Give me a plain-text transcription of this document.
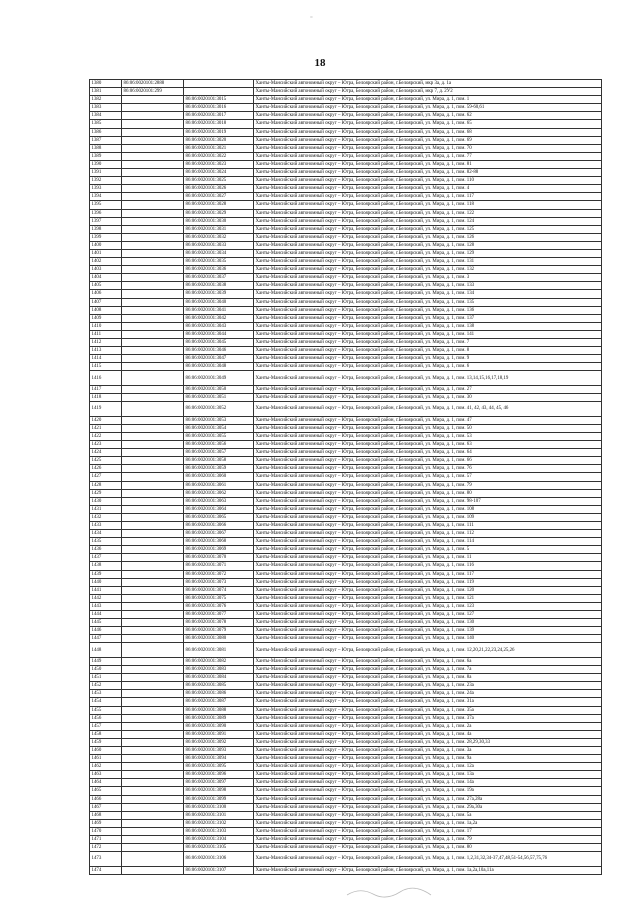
=
18
1380	86:06:0020101:2888		Ханты-Мансийский автономный округ – Югра, Белоярский район, г.Белоярский, мкр 3а, д. 1а
1381	86:06:0020101:299		Ханты-Мансийский автономный округ – Югра, Белоярский район, г.Белоярский, мкр 7, д. 2У2
1382		86:06:0020101:3015	Ханты-Мансийский автономный округ – Югра, Белоярский район, г.Белоярский, ул. Мира, д. 1, пом. 1
1383		86:06:0020101:3016	Ханты-Мансийский автономный округ – Югра, Белоярский район, г.Белоярский, ул. Мира, д. 1, пом. 59-60,61
1384		86:06:0020101:3017	Ханты-Мансийский автономный округ – Югра, Белоярский район, г.Белоярский, ул. Мира, д. 1, пом. 62
1385		86:06:0020101:3018	Ханты-Мансийский автономный округ – Югра, Белоярский район, г.Белоярский, ул. Мира, д. 1, пом. 65
1386		86:06:0020101:3019	Ханты-Мансийский автономный округ – Югра, Белоярский район, г.Белоярский, ул. Мира, д. 1, пом. 68
1387		86:06:0020101:3020	Ханты-Мансийский автономный округ – Югра, Белоярский район, г.Белоярский, ул. Мира, д. 1, пом. 69
1388		86:06:0020101:3021	Ханты-Мансийский автономный округ – Югра, Белоярский район, г.Белоярский, ул. Мира, д. 1, пом. 70
1389		86:06:0020101:3022	Ханты-Мансийский автономный округ – Югра, Белоярский район, г.Белоярский, ул. Мира, д. 1, пом. 77
1390		86:06:0020101:3023	Ханты-Мансийский автономный округ – Югра, Белоярский район, г.Белоярский, ул. Мира, д. 1, пом. 81
1391		86:06:0020101:3024	Ханты-Мансийский автономный округ – Югра, Белоярский район, г.Белоярский, ул. Мира, д. 1, пом. 82-88
1392		86:06:0020101:3025	Ханты-Мансийский автономный округ – Югра, Белоярский район, г.Белоярский, ул. Мира, д. 1, пом. 110
1393		86:06:0020101:3026	Ханты-Мансийский автономный округ – Югра, Белоярский район, г.Белоярский, ул. Мира, д. 1, пом. 4
1394		86:06:0020101:3027	Ханты-Мансийский автономный округ – Югра, Белоярский район, г.Белоярский, ул. Мира, д. 1, пом. 117
1395		86:06:0020101:3028	Ханты-Мансийский автономный округ – Югра, Белоярский район, г.Белоярский, ул. Мира, д. 1, пом. 118
1396		86:06:0020101:3029	Ханты-Мансийский автономный округ – Югра, Белоярский район, г.Белоярский, ул. Мира, д. 1, пом. 122
1397		86:06:0020101:3030	Ханты-Мансийский автономный округ – Югра, Белоярский район, г.Белоярский, ул. Мира, д. 1, пом. 124
1398		86:06:0020101:3031	Ханты-Мансийский автономный округ – Югра, Белоярский район, г.Белоярский, ул. Мира, д. 1, пом. 125
1399		86:06:0020101:3032	Ханты-Мансийский автономный округ – Югра, Белоярский район, г.Белоярский, ул. Мира, д. 1, пом. 126
1400		86:06:0020101:3033	Ханты-Мансийский автономный округ – Югра, Белоярский район, г.Белоярский, ул. Мира, д. 1, пом. 128
1401		86:06:0020101:3034	Ханты-Мансийский автономный округ – Югра, Белоярский район, г.Белоярский, ул. Мира, д. 1, пом. 129
1402		86:06:0020101:3035	Ханты-Мансийский автономный округ – Югра, Белоярский район, г.Белоярский, ул. Мира, д. 1, пом. 131
1403		86:06:0020101:3036	Ханты-Мансийский автономный округ – Югра, Белоярский район, г.Белоярский, ул. Мира, д. 1, пом. 132
1404		86:06:0020101:3037	Ханты-Мансийский автономный округ – Югра, Белоярский район, г.Белоярский, ул. Мира, д. 1, пом. 3
1405		86:06:0020101:3038	Ханты-Мансийский автономный округ – Югра, Белоярский район, г.Белоярский, ул. Мира, д. 1, пом. 133
1406		86:06:0020101:3039	Ханты-Мансийский автономный округ – Югра, Белоярский район, г.Белоярский, ул. Мира, д. 1, пом. 134
1407		86:06:0020101:3040	Ханты-Мансийский автономный округ – Югра, Белоярский район, г.Белоярский, ул. Мира, д. 1, пом. 135
1408		86:06:0020101:3041	Ханты-Мансийский автономный округ – Югра, Белоярский район, г.Белоярский, ул. Мира, д. 1, пом. 136
1409		86:06:0020101:3042	Ханты-Мансийский автономный округ – Югра, Белоярский район, г.Белоярский, ул. Мира, д. 1, пом. 137
1410		86:06:0020101:3043	Ханты-Мансийский автономный округ – Югра, Белоярский район, г.Белоярский, ул. Мира, д. 1, пом. 138
1411		86:06:0020101:3044	Ханты-Мансийский автономный округ – Югра, Белоярский район, г.Белоярский, ул. Мира, д. 1, пом. 141
1412		86:06:0020101:3045	Ханты-Мансийский автономный округ – Югра, Белоярский район, г.Белоярский, ул. Мира, д. 1, пом. 7
1413		86:06:0020101:3046	Ханты-Мансийский автономный округ – Югра, Белоярский район, г.Белоярский, ул. Мира, д. 1, пом. 8
1414		86:06:0020101:3047	Ханты-Мансийский автономный округ – Югра, Белоярский район, г.Белоярский, ул. Мира, д. 1, пом. 9
1415		86:06:0020101:3048	Ханты-Мансийский автономный округ – Югра, Белоярский район, г.Белоярский, ул. Мира, д. 1, пом. 6
1416		86:06:0020101:3049	Ханты-Мансийский автономный округ – Югра, Белоярский район, г.Белоярский, ул. Мира, д. 1, пом. 13,14,15,16,17,18,19
1417		86:06:0020101:3050	Ханты-Мансийский автономный округ – Югра, Белоярский район, г.Белоярский, ул. Мира, д. 1, пом. 27
1418		86:06:0020101:3051	Ханты-Мансийский автономный округ – Югра, Белоярский район, г.Белоярский, ул. Мира, д. 1, пом. 30
1419		86:06:0020101:3052	Ханты-Мансийский автономный округ – Югра, Белоярский район, г.Белоярский, ул. Мира, д. 1, пом. 41, 42, 43, 44, 45, 46
1420		86:06:0020101:3053	Ханты-Мансийский автономный округ – Югра, Белоярский район, г.Белоярский, ул. Мира, д. 1, пом. 47
1421		86:06:0020101:3054	Ханты-Мансийский автономный округ – Югра, Белоярский район, г.Белоярский, ул. Мира, д. 1, пом. 50
1422		86:06:0020101:3055	Ханты-Мансийский автономный округ – Югра, Белоярский район, г.Белоярский, ул. Мира, д. 1, пом. 53
1423		86:06:0020101:3056	Ханты-Мансийский автономный округ – Югра, Белоярский район, г.Белоярский, ул. Мира, д. 1, пом. 63
1424		86:06:0020101:3057	Ханты-Мансийский автономный округ – Югра, Белоярский район, г.Белоярский, ул. Мира, д. 1, пом. 64
1425		86:06:0020101:3058	Ханты-Мансийский автономный округ – Югра, Белоярский район, г.Белоярский, ул. Мира, д. 1, пом. 66
1426		86:06:0020101:3059	Ханты-Мансийский автономный округ – Югра, Белоярский район, г.Белоярский, ул. Мира, д. 1, пом. 76
1427		86:06:0020101:3060	Ханты-Мансийский автономный округ – Югра, Белоярский район, г.Белоярский, ул. Мира, д. 1, пом. 57
1428		86:06:0020101:3061	Ханты-Мансийский автономный округ – Югра, Белоярский район, г.Белоярский, ул. Мира, д. 1, пом. 79
1429		86:06:0020101:3062	Ханты-Мансийский автономный округ – Югра, Белоярский район, г.Белоярский, ул. Мира, д. 1, пом. 80
1430		86:06:0020101:3063	Ханты-Мансийский автономный округ – Югра, Белоярский район, г.Белоярский, ул. Мира, д. 1, пом. 98-107
1431		86:06:0020101:3064	Ханты-Мансийский автономный округ – Югра, Белоярский район, г.Белоярский, ул. Мира, д. 1, пом. 108
1432		86:06:0020101:3065	Ханты-Мансийский автономный округ – Югра, Белоярский район, г.Белоярский, ул. Мира, д. 1, пом. 109
1433		86:06:0020101:3066	Ханты-Мансийский автономный округ – Югра, Белоярский район, г.Белоярский, ул. Мира, д. 1, пом. 111
1434		86:06:0020101:3067	Ханты-Мансийский автономный округ – Югра, Белоярский район, г.Белоярский, ул. Мира, д. 1, пом. 112
1435		86:06:0020101:3068	Ханты-Мансийский автономный округ – Югра, Белоярский район, г.Белоярский, ул. Мира, д. 1, пом. 114
1436		86:06:0020101:3069	Ханты-Мансийский автономный округ – Югра, Белоярский район, г.Белоярский, ул. Мира, д. 1, пом. 5
1437		86:06:0020101:3070	Ханты-Мансийский автономный округ – Югра, Белоярский район, г.Белоярский, ул. Мира, д. 1, пом. 11
1438		86:06:0020101:3071	Ханты-Мансийский автономный округ – Югра, Белоярский район, г.Белоярский, ул. Мира, д. 1, пом. 116
1439		86:06:0020101:3072	Ханты-Мансийский автономный округ – Югра, Белоярский район, г.Белоярский, ул. Мира, д. 1, пом. 117
1440		86:06:0020101:3073	Ханты-Мансийский автономный округ – Югра, Белоярский район, г.Белоярский, ул. Мира, д. 1, пом. 119
1441		86:06:0020101:3074	Ханты-Мансийский автономный округ – Югра, Белоярский район, г.Белоярский, ул. Мира, д. 1, пом. 120
1442		86:06:0020101:3075	Ханты-Мансийский автономный округ – Югра, Белоярский район, г.Белоярский, ул. Мира, д. 1, пом. 121
1443		86:06:0020101:3076	Ханты-Мансийский автономный округ – Югра, Белоярский район, г.Белоярский, ул. Мира, д. 1, пом. 123
1444		86:06:0020101:3077	Ханты-Мансийский автономный округ – Югра, Белоярский район, г.Белоярский, ул. Мира, д. 1, пом. 127
1445		86:06:0020101:3078	Ханты-Мансийский автономный округ – Югра, Белоярский район, г.Белоярский, ул. Мира, д. 1, пом. 130
1446		86:06:0020101:3079	Ханты-Мансийский автономный округ – Югра, Белоярский район, г.Белоярский, ул. Мира, д. 1, пом. 139
1447		86:06:0020101:3080	Ханты-Мансийский автономный округ – Югра, Белоярский район, г.Белоярский, ул. Мира, д. 1, пом. 140
1448		86:06:0020101:3081	Ханты-Мансийский автономный округ – Югра, Белоярский район, г.Белоярский, ул. Мира, д. 1, пом. 12,20,21,22,23,24,25,26
1449		86:06:0020101:3082	Ханты-Мансийский автономный округ – Югра, Белоярский район, г.Белоярский, ул. Мира, д. 1, пом. 6а
1450		86:06:0020101:3083	Ханты-Мансийский автономный округ – Югра, Белоярский район, г.Белоярский, ул. Мира, д. 1, пом. 7а
1451		86:06:0020101:3084	Ханты-Мансийский автономный округ – Югра, Белоярский район, г.Белоярский, ул. Мира, д. 1, пом. 8а
1452		86:06:0020101:3085	Ханты-Мансийский автономный округ – Югра, Белоярский район, г.Белоярский, ул. Мира, д. 1, пом. 23а
1453		86:06:0020101:3086	Ханты-Мансийский автономный округ – Югра, Белоярский район, г.Белоярский, ул. Мира, д. 1, пом. 24а
1454		86:06:0020101:3087	Ханты-Мансийский автономный округ – Югра, Белоярский район, г.Белоярский, ул. Мира, д. 1, пом. 31а
1455		86:06:0020101:3088	Ханты-Мансийский автономный округ – Югра, Белоярский район, г.Белоярский, ул. Мира, д. 1, пом. 35а
1456		86:06:0020101:3089	Ханты-Мансийский автономный округ – Югра, Белоярский район, г.Белоярский, ул. Мира, д. 1, пом. 37а
1457		86:06:0020101:3090	Ханты-Мансийский автономный округ – Югра, Белоярский район, г.Белоярский, ул. Мира, д. 1, пом. 2а
1458		86:06:0020101:3091	Ханты-Мансийский автономный округ – Югра, Белоярский район, г.Белоярский, ул. Мира, д. 1, пом. 4а
1459		86:06:0020101:3092	Ханты-Мансийский автономный округ – Югра, Белоярский район, г.Белоярский, ул. Мира, д. 1, пом. 28,29,30,33
1460		86:06:0020101:3093	Ханты-Мансийский автономный округ – Югра, Белоярский район, г.Белоярский, ул. Мира, д. 1, пом. 3а
1461		86:06:0020101:3094	Ханты-Мансийский автономный округ – Югра, Белоярский район, г.Белоярский, ул. Мира, д. 1, пом. 9а
1462		86:06:0020101:3095	Ханты-Мансийский автономный округ – Югра, Белоярский район, г.Белоярский, ул. Мира, д. 1, пом. 12а
1463		86:06:0020101:3096	Ханты-Мансийский автономный округ – Югра, Белоярский район, г.Белоярский, ул. Мира, д. 1, пом. 13а
1464		86:06:0020101:3097	Ханты-Мансийский автономный округ – Югра, Белоярский район, г.Белоярский, ул. Мира, д. 1, пом. 14а
1465		86:06:0020101:3098	Ханты-Мансийский автономный округ – Югра, Белоярский район, г.Белоярский, ул. Мира, д. 1, пом. 19а
1466		86:06:0020101:3099	Ханты-Мансийский автономный округ – Югра, Белоярский район, г.Белоярский, ул. Мира, д. 1, пом. 27а,28а
1467		86:06:0020101:3100	Ханты-Мансийский автономный округ – Югра, Белоярский район, г.Белоярский, ул. Мира, д. 1, пом. 29а,30а
1468		86:06:0020101:3101	Ханты-Мансийский автономный округ – Югра, Белоярский район, г.Белоярский, ул. Мира, д. 1, пом. 5а
1469		86:06:0020101:3102	Ханты-Мансийский автономный округ – Югра, Белоярский район, г.Белоярский, ул. Мира, д. 1, пом. 1а,2а
1470		86:06:0020101:3103	Ханты-Мансийский автономный округ – Югра, Белоярский район, г.Белоярский, ул. Мира, д. 1, пом. 17
1471		86:06:0020101:3104	Ханты-Мансийский автономный округ – Югра, Белоярский район, г.Белоярский, ул. Мира, д. 1, пом. 79
1472		86:06:0020101:3105	Ханты-Мансийский автономный округ – Югра, Белоярский район, г.Белоярский, ул. Мира, д. 1, пом. 80
1473		86:06:0020101:3106	Ханты-Мансийский автономный округ – Югра, Белоярский район, г.Белоярский, ул. Мира, д. 1, пом. 1,2,31,32,34-37,47,48,51-54,56,57,75,76
1474		86:06:0020101:3107	Ханты-Мансийский автономный округ – Югра, Белоярский район, г.Белоярский, ул. Мира, д. 1, пом. 1а,2а,10а,11а
